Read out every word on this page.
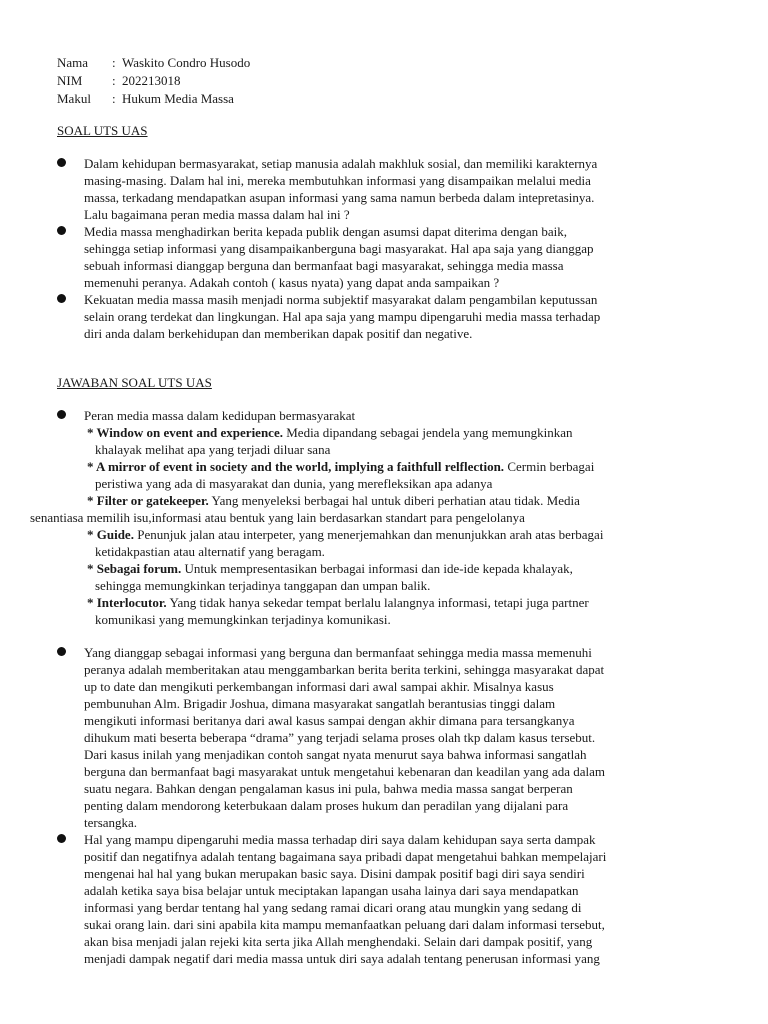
Nama	: Waskito Condro Husodo
NIM	: 202213018
Makul	: Hukum Media Massa
SOAL UTS UAS
Dalam kehidupan bermasyarakat, setiap manusia adalah makhluk sosial, dan memiliki karakternya
masing-masing. Dalam hal ini, mereka membutuhkan informasi yang disampaikan melalui media
massa, terkadang mendapatkan asupan informasi yang sama namun berbeda dalam intepretasinya.
Lalu bagaimana peran media massa dalam hal ini ?
Media massa menghadirkan berita kepada publik dengan asumsi dapat diterima dengan baik,
sehingga setiap informasi yang disampaikanberguna bagi masyarakat. Hal apa saja yang dianggap
sebuah informasi dianggap berguna dan bermanfaat bagi masyarakat, sehingga media massa
memenuhi peranya. Adakah contoh ( kasus nyata) yang dapat anda sampaikan ?
Kekuatan media massa masih menjadi norma subjektif masyarakat dalam pengambilan keputussan
selain orang terdekat dan lingkungan. Hal apa saja yang mampu dipengaruhi media massa terhadap
diri anda dalam berkehidupan dan memberikan dapak positif dan negative.
JAWABAN SOAL UTS UAS
Peran media massa dalam kedidupan bermasyarakat
* Window on event and experience. Media dipandang sebagai jendela yang memungkinkan
khalayak melihat apa yang terjadi diluar sana
* A mirror of event in society and the world, implying a faithfull relflection. Cermin berbagai
peristiwa yang ada di masyarakat dan dunia, yang merefleksikan apa adanya
* Filter or gatekeeper. Yang menyeleksi berbagai hal untuk diberi perhatian atau tidak. Media
senantiasa memilih isu,informasi atau bentuk yang lain berdasarkan standart para pengelolanya
* Guide. Penunjuk jalan atau interpeter, yang menerjemahkan dan menunjukkan arah atas berbagai
ketidakpastian atau alternatif yang beragam.
* Sebagai forum. Untuk mempresentasikan berbagai informasi dan ide-ide kepada khalayak,
sehingga memungkinkan terjadinya tanggapan dan umpan balik.
* Interlocutor. Yang tidak hanya sekedar tempat berlalu lalangnya informasi, tetapi juga partner
komunikasi yang memungkinkan terjadinya komunikasi.
Yang dianggap sebagai informasi yang berguna dan bermanfaat sehingga media massa memenuhi
peranya adalah memberitakan atau menggambarkan berita berita terkini, sehingga masyarakat dapat
up to date dan mengikuti perkembangan informasi dari awal sampai akhir. Misalnya kasus
pembunuhan Alm. Brigadir Joshua, dimana masyarakat sangatlah berantusias tinggi dalam
mengikuti informasi beritanya dari awal kasus sampai dengan akhir dimana para tersangkanya
dihukum mati beserta beberapa “drama” yang terjadi selama proses olah tkp dalam kasus tersebut.
Dari kasus inilah yang menjadikan contoh sangat nyata menurut saya bahwa informasi sangatlah
berguna dan bermanfaat bagi masyarakat untuk mengetahui kebenaran dan keadilan yang ada dalam
suatu negara. Bahkan dengan pengalaman kasus ini pula, bahwa media massa sangat berperan
penting dalam mendorong keterbukaan dalam proses hukum dan peradilan yang dijalani para
tersangka.
Hal yang mampu dipengaruhi media massa terhadap diri saya dalam kehidupan saya serta dampak
positif dan negatifnya adalah tentang bagaimana saya pribadi dapat mengetahui bahkan mempelajari
mengenai hal hal yang bukan merupakan basic saya. Disini dampak positif bagi diri saya sendiri
adalah ketika saya bisa belajar untuk meciptakan lapangan usaha lainya dari saya mendapatkan
informasi yang berdar tentang hal yang sedang ramai dicari orang atau mungkin yang sedang di
sukai orang lain. dari sini apabila kita mampu memanfaatkan peluang dari dalam informasi tersebut,
akan bisa menjadi jalan rejeki kita serta jika Allah menghendaki. Selain dari dampak positif, yang
menjadi dampak negatif dari media massa untuk diri saya adalah tentang penerusan informasi yang
